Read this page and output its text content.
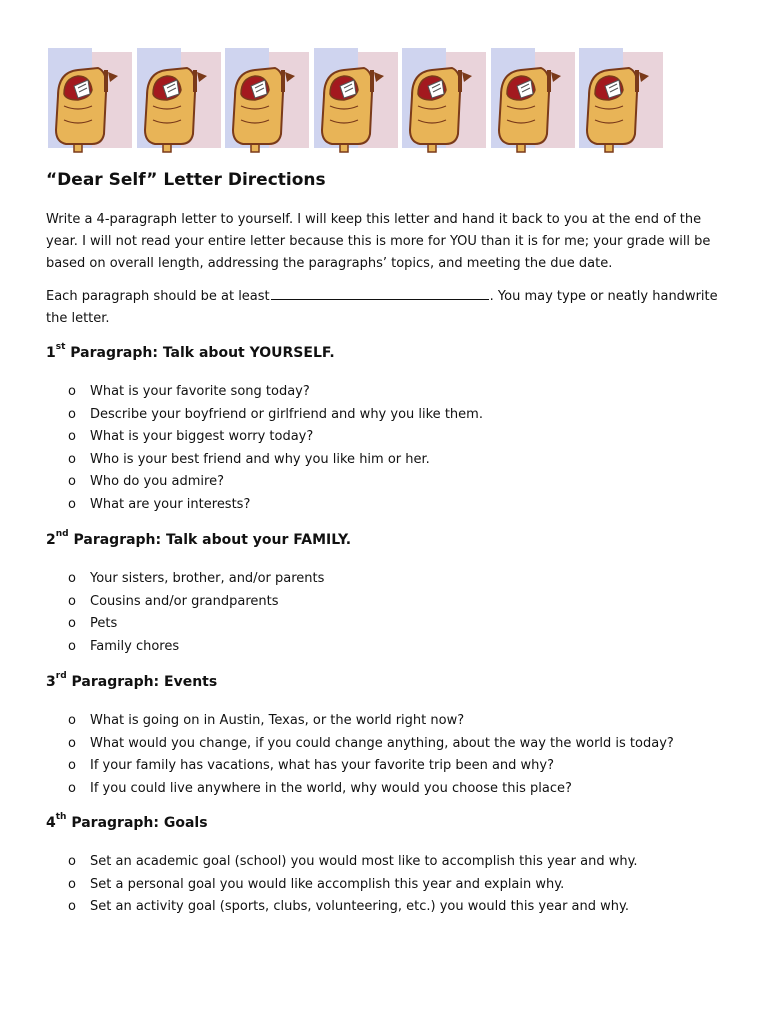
“Dear Self” Letter Directions
Write a 4-paragraph letter to yourself. I will keep this letter and hand it back to you at the end of the year. I will not read your entire letter because this is more for YOU than it is for me; your grade will be based on overall length, addressing the paragraphs’ topics, and meeting the due date.
Each paragraph should be at least	. You may type or neatly handwrite the letter.
1st Paragraph: Talk about YOURSELF.
o What is your favorite song today?
o Describe your boyfriend or girlfriend and why you like them.
o What is your biggest worry today?
o Who is your best friend and why you like him or her.
o Who do you admire?
o What are your interests?
2nd Paragraph: Talk about your FAMILY.
o Your sisters, brother, and/or parents
o Cousins and/or grandparents
o Pets
o Family chores
3rd Paragraph: Events
o What is going on in Austin, Texas, or the world right now?
o What would you change, if you could change anything, about the way the world is today?
o If your family has vacations, what has your favorite trip been and why?
o If you could live anywhere in the world, why would you choose this place?
4th Paragraph: Goals
o Set an academic goal (school) you would most like to accomplish this year and why.
o Set a personal goal you would like accomplish this year and explain why.
o Set an activity goal (sports, clubs, volunteering, etc.) you would this year and why.
